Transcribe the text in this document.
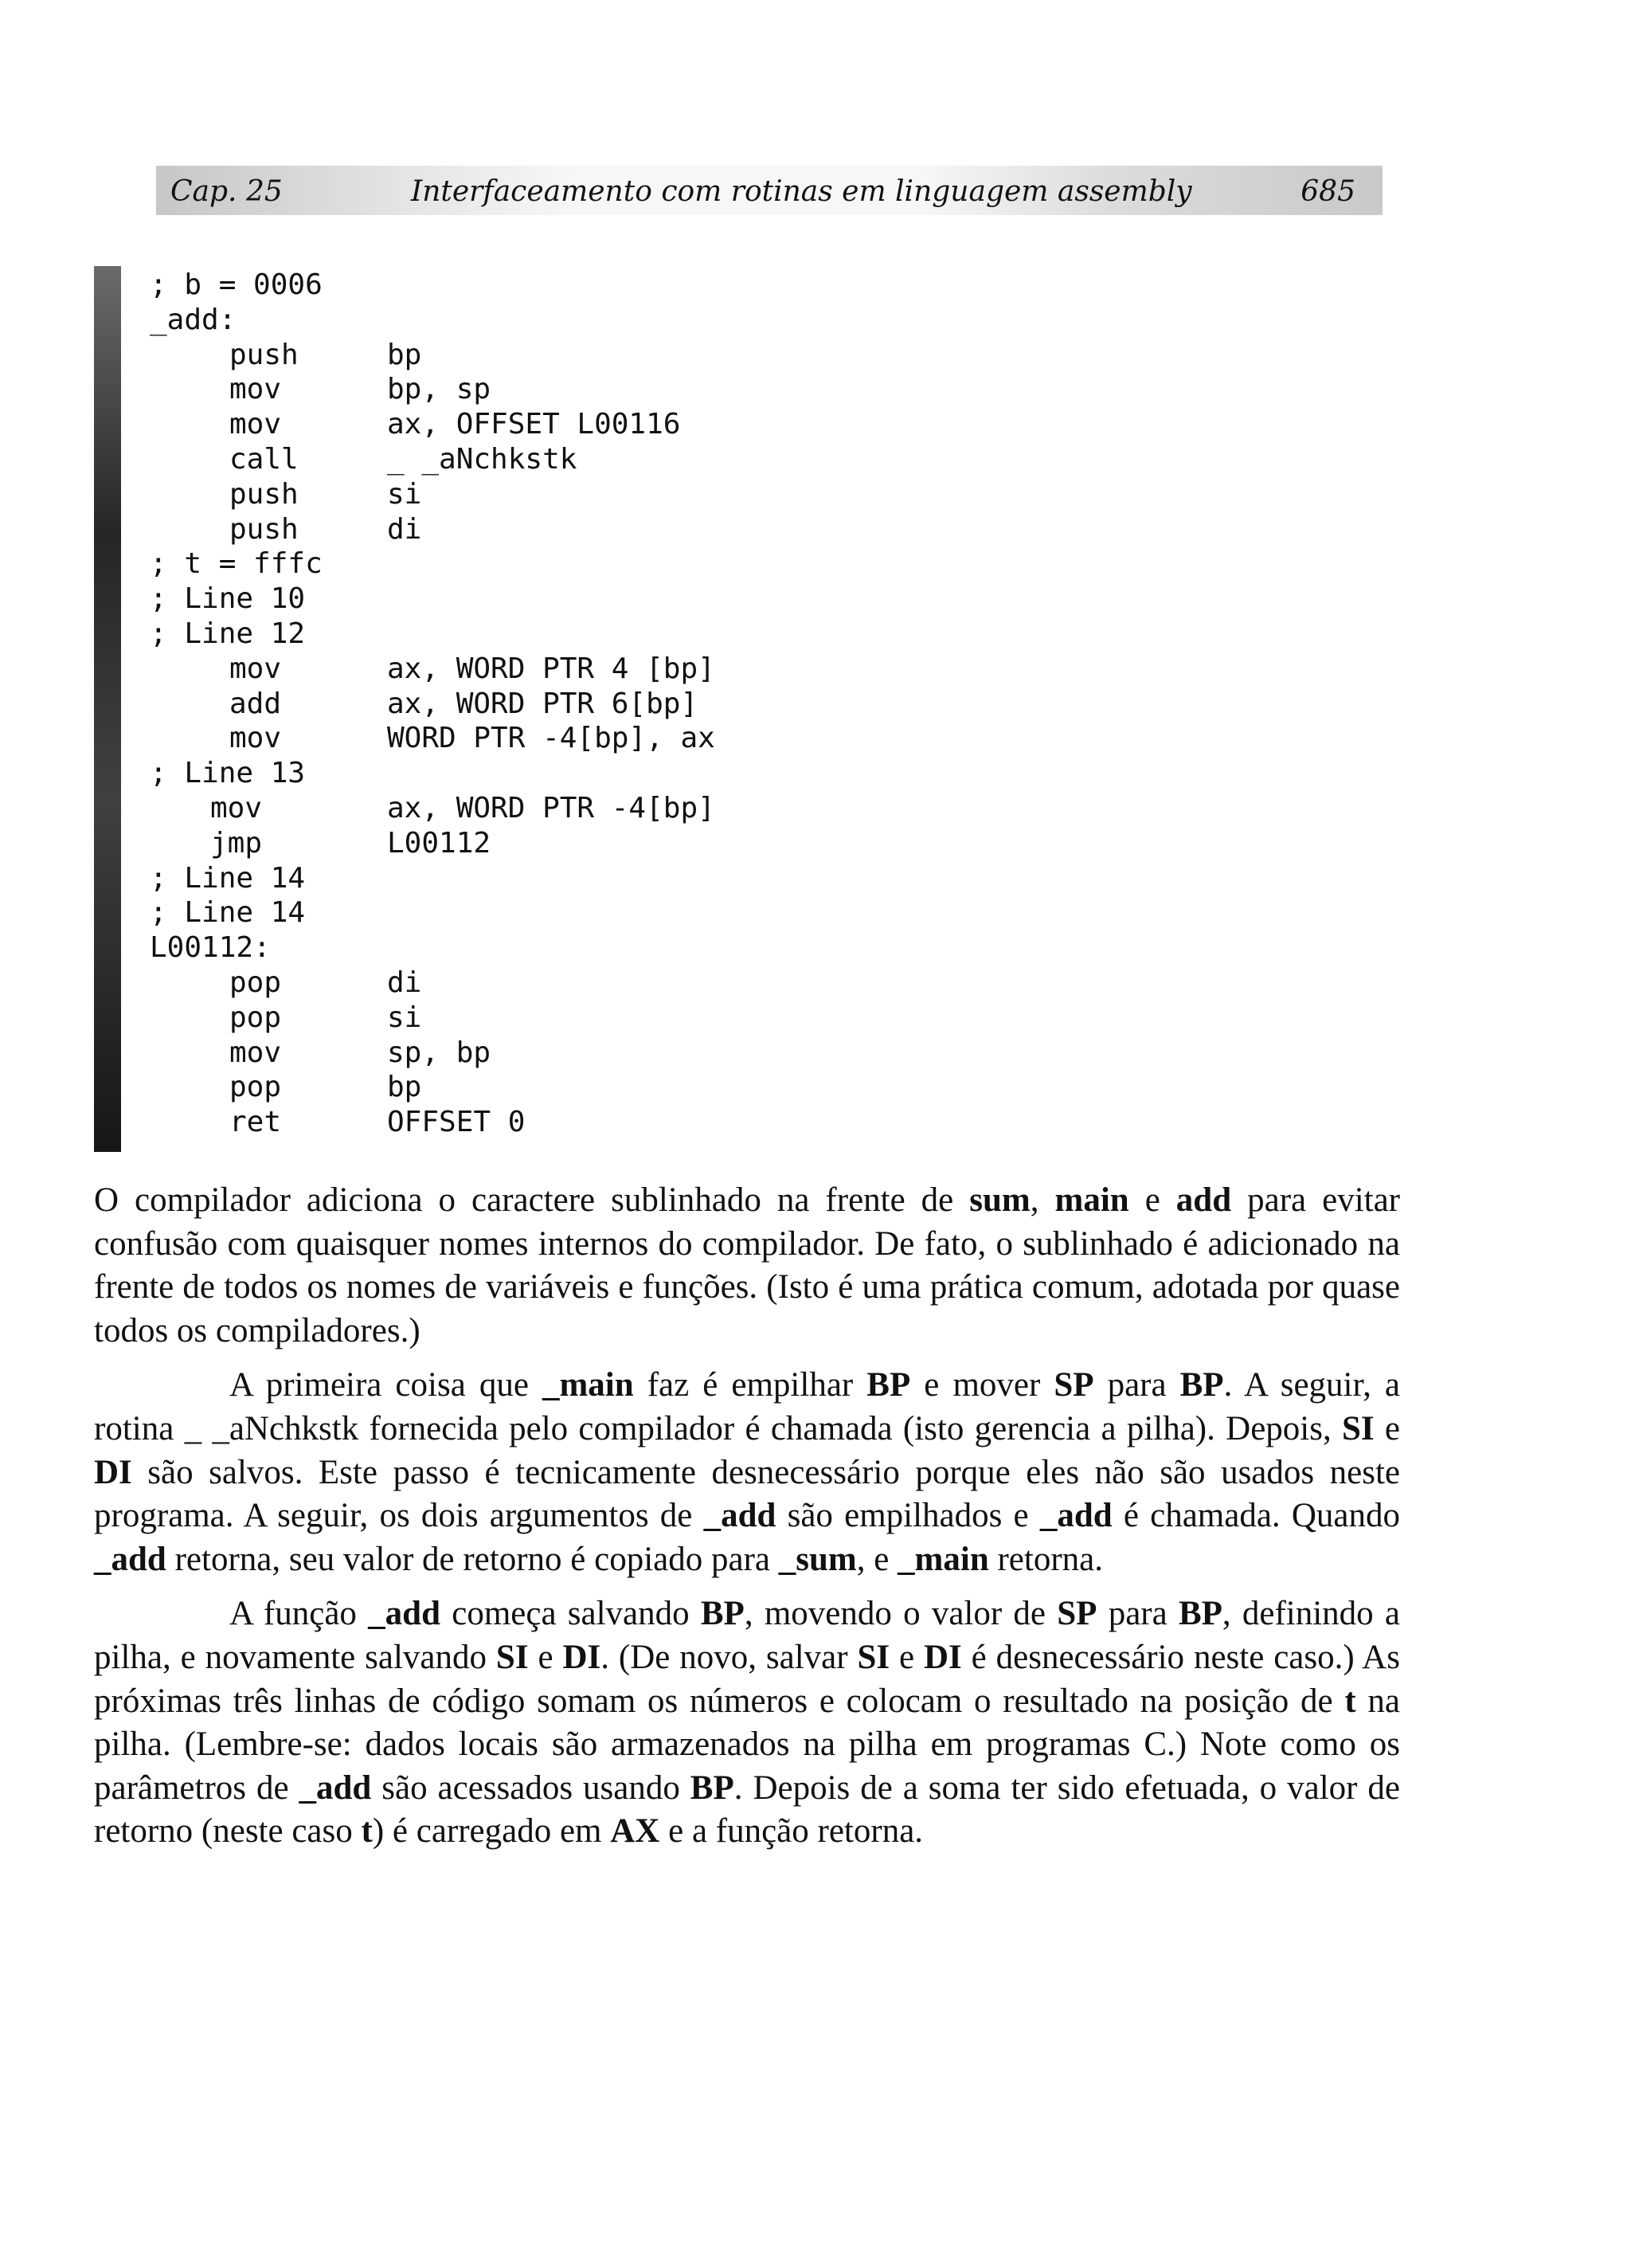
Cap. 25	Interfaceamento com rotinas em linguagem assembly	685
; b = 0006
_add:
push	bp
mov	bp, sp
mov	ax, OFFSET L00116
call	_ _aNchkstk
push	si
push	di
; t = fffc
; Line 10
; Line 12
mov	ax, WORD PTR 4 [bp]
add	ax, WORD PTR 6[bp]
mov	WORD PTR -4[bp], ax
; Line 13
mov	ax, WORD PTR -4[bp]
jmp	L00112
; Line 14
; Line 14
L00112:
pop	di
pop	si
mov	sp, bp
pop	bp
ret	OFFSET 0

O compilador adiciona o caractere sublinhado na frente de sum, main e add para evitar confusão com quaisquer nomes internos do compilador. De fato, o sublinhado é adicionado na frente de todos os nomes de variáveis e funções. (Isto é uma prática comum, adotada por quase todos os compiladores.)

A primeira coisa que _main faz é empilhar BP e mover SP para BP. A seguir, a rotina _ _aNchkstk fornecida pelo compilador é chamada (isto gerencia a pilha). Depois, SI e DI são salvos. Este passo é tecnicamente desnecessário porque eles não são usados neste programa. A seguir, os dois argumentos de _add são empilhados e _add é chamada. Quando _add retorna, seu valor de retorno é copiado para _sum, e _main retorna.

A função _add começa salvando BP, movendo o valor de SP para BP, definindo a pilha, e novamente salvando SI e DI. (De novo, salvar SI e DI é desnecessário neste caso.) As próximas três linhas de código somam os números e colocam o resultado na posição de t na pilha. (Lembre-se: dados locais são armazenados na pilha em programas C.) Note como os parâmetros de _add são acessados usando BP. Depois de a soma ter sido efetuada, o valor de retorno (neste caso t) é carregado em AX e a função retorna.
